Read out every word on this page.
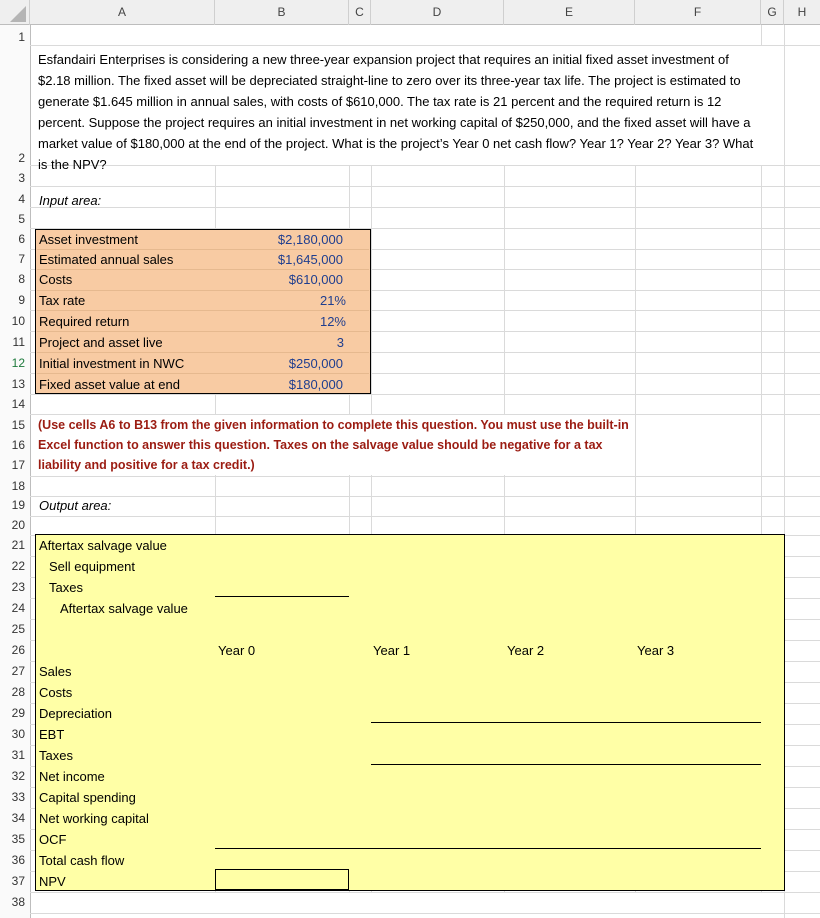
A	B	C	D	E	F	G	H
1
2
3
4
5
6
7
8
9
10
11
12
13
14
15
16
17
18
19
20
21
22
23
24
25
26
27
28
29
30
31
32
33
34
35
36
37
38
Esfandairi Enterprises is considering a new three-year expansion project that requires an initial fixed asset investment of
$2.18 million. The fixed asset will be depreciated straight-line to zero over its three-year tax life. The project is estimated to
generate $1.645 million in annual sales, with costs of $610,000. The tax rate is 21 percent and the required return is 12
percent. Suppose the project requires an initial investment in net working capital of $250,000, and the fixed asset will have a
market value of $180,000 at the end of the project. What is the project’s Year 0 net cash flow? Year 1? Year 2? Year 3? What
is the NPV?
Input area:
Asset investment	$2,180,000
Estimated annual sales	$1,645,000
Costs	$610,000
Tax rate	21%
Required return	12%
Project and asset live	3
Initial investment in NWC	$250,000
Fixed asset value at end	$180,000
(Use cells A6 to B13 from the given information to complete this question. You must use the built-in
Excel function to answer this question. Taxes on the salvage value should be negative for a tax
liability and positive for a tax credit.)
Output area:
Aftertax salvage value
Sell equipment
Taxes
Aftertax salvage value
Year 0	Year 1	Year 2	Year 3
Sales
Costs
Depreciation
EBT
Taxes
Net income
Capital spending
Net working capital
OCF
Total cash flow
NPV
